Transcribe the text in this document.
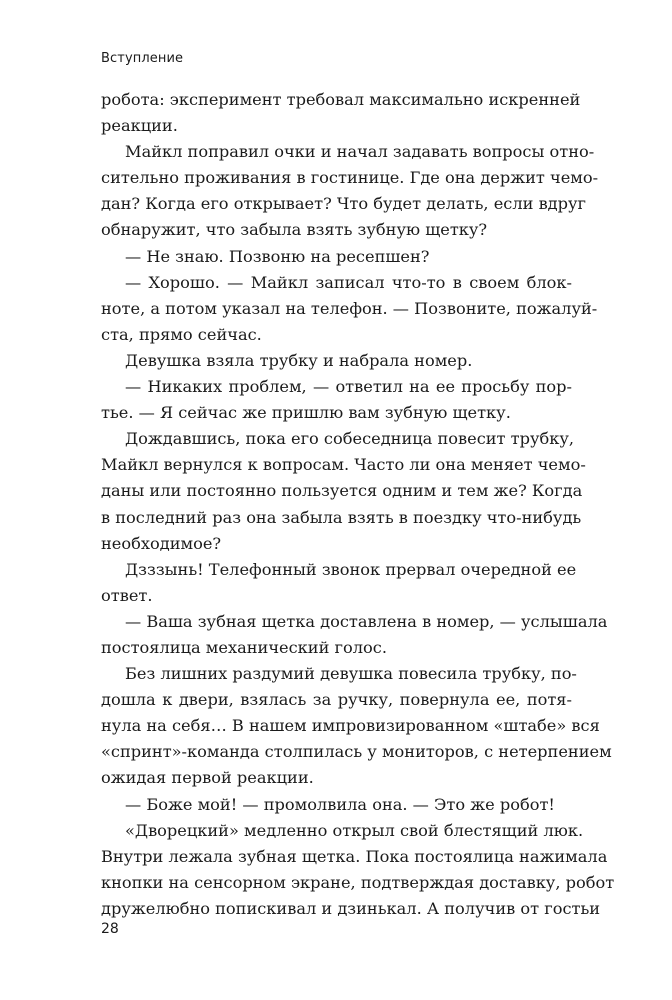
Вступление

робота: эксперимент требовал максимально искренней
реакции.

Майкл поправил очки и начал задавать вопросы отно-
сительно проживания в гостинице. Где она держит чемо-
дан? Когда его открывает? Что будет делать, если вдруг
обнаружит, что забыла взять зубную щетку?

— Не знаю. Позвоню на ресепшен?

— Хорошо. — Майкл записал что-то в своем блок-
ноте, а потом указал на телефон. — Позвоните, пожалуй-
ста, прямо сейчас.

Девушка взяла трубку и набрала номер.

— Никаких проблем, — ответил на ее просьбу пор-
тье. — Я сейчас же пришлю вам зубную щетку.

Дождавшись, пока его собеседница повесит трубку,
Майкл вернулся к вопросам. Часто ли она меняет чемо-
даны или постоянно пользуется одним и тем же? Когда
в последний раз она забыла взять в поездку что-нибудь
необходимое?

Дзззынь! Телефонный звонок прервал очередной ее
ответ.

— Ваша зубная щетка доставлена в номер, — услышала
постоялица механический голос.

Без лишних раздумий девушка повесила трубку, по-
дошла к двери, взялась за ручку, повернула ее, потя-
нула на себя… В нашем импровизированном «штабе» вся
«спринт»-команда столпилась у мониторов, с нетерпением
ожидая первой реакции.

— Боже мой! — промолвила она. — Это же робот!

«Дворецкий» медленно открыл свой блестящий люк.
Внутри лежала зубная щетка. Пока постоялица нажимала
кнопки на сенсорном экране, подтверждая доставку, робот
дружелюбно попискивал и дзинькал. А получив от гостьи

28
